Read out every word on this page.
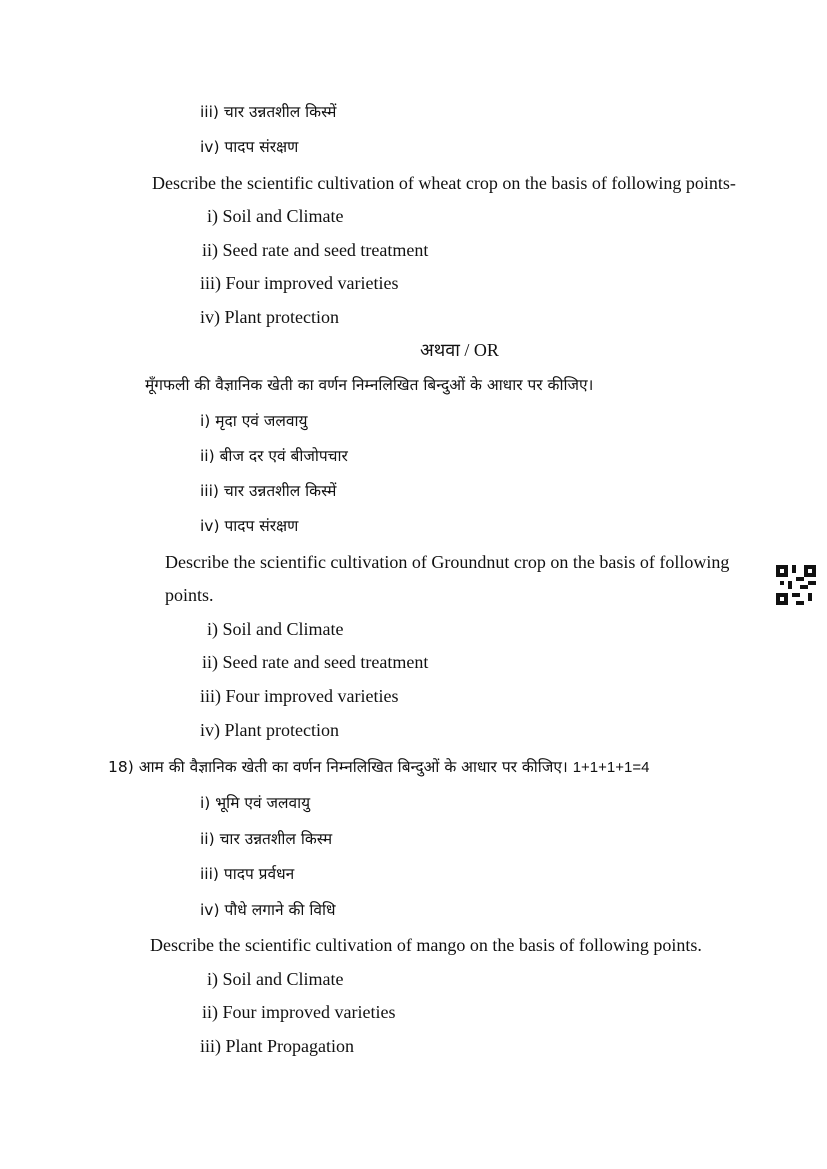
iii) चार उन्नतशील किस्में
iv) पादप संरक्षण
Describe the scientific cultivation of wheat crop on the basis of following points-
i) Soil and Climate
ii) Seed rate and seed treatment
iii) Four improved varieties
iv) Plant protection
अथवा / OR
मूँगफली की वैज्ञानिक खेती का वर्णन निम्नलिखित बिन्दुओं के आधार पर कीजिए।
i) मृदा एवं जलवायु
ii) बीज दर एवं बीजोपचार
iii) चार उन्नतशील किस्में
iv) पादप संरक्षण
Describe the scientific cultivation of Groundnut crop on the basis of following
points.
i) Soil and Climate
ii) Seed rate and seed treatment
iii) Four improved varieties
iv) Plant protection
18) आम की वैज्ञानिक खेती का वर्णन निम्नलिखित बिन्दुओं के आधार पर कीजिए। 1+1+1+1=4
i) भूमि एवं जलवायु
ii) चार उन्नतशील किस्म
iii) पादप प्रर्वधन
iv) पौधे लगाने की विधि
Describe the scientific cultivation of mango on the basis of following points.
i) Soil and Climate
ii) Four improved varieties
iii) Plant Propagation
